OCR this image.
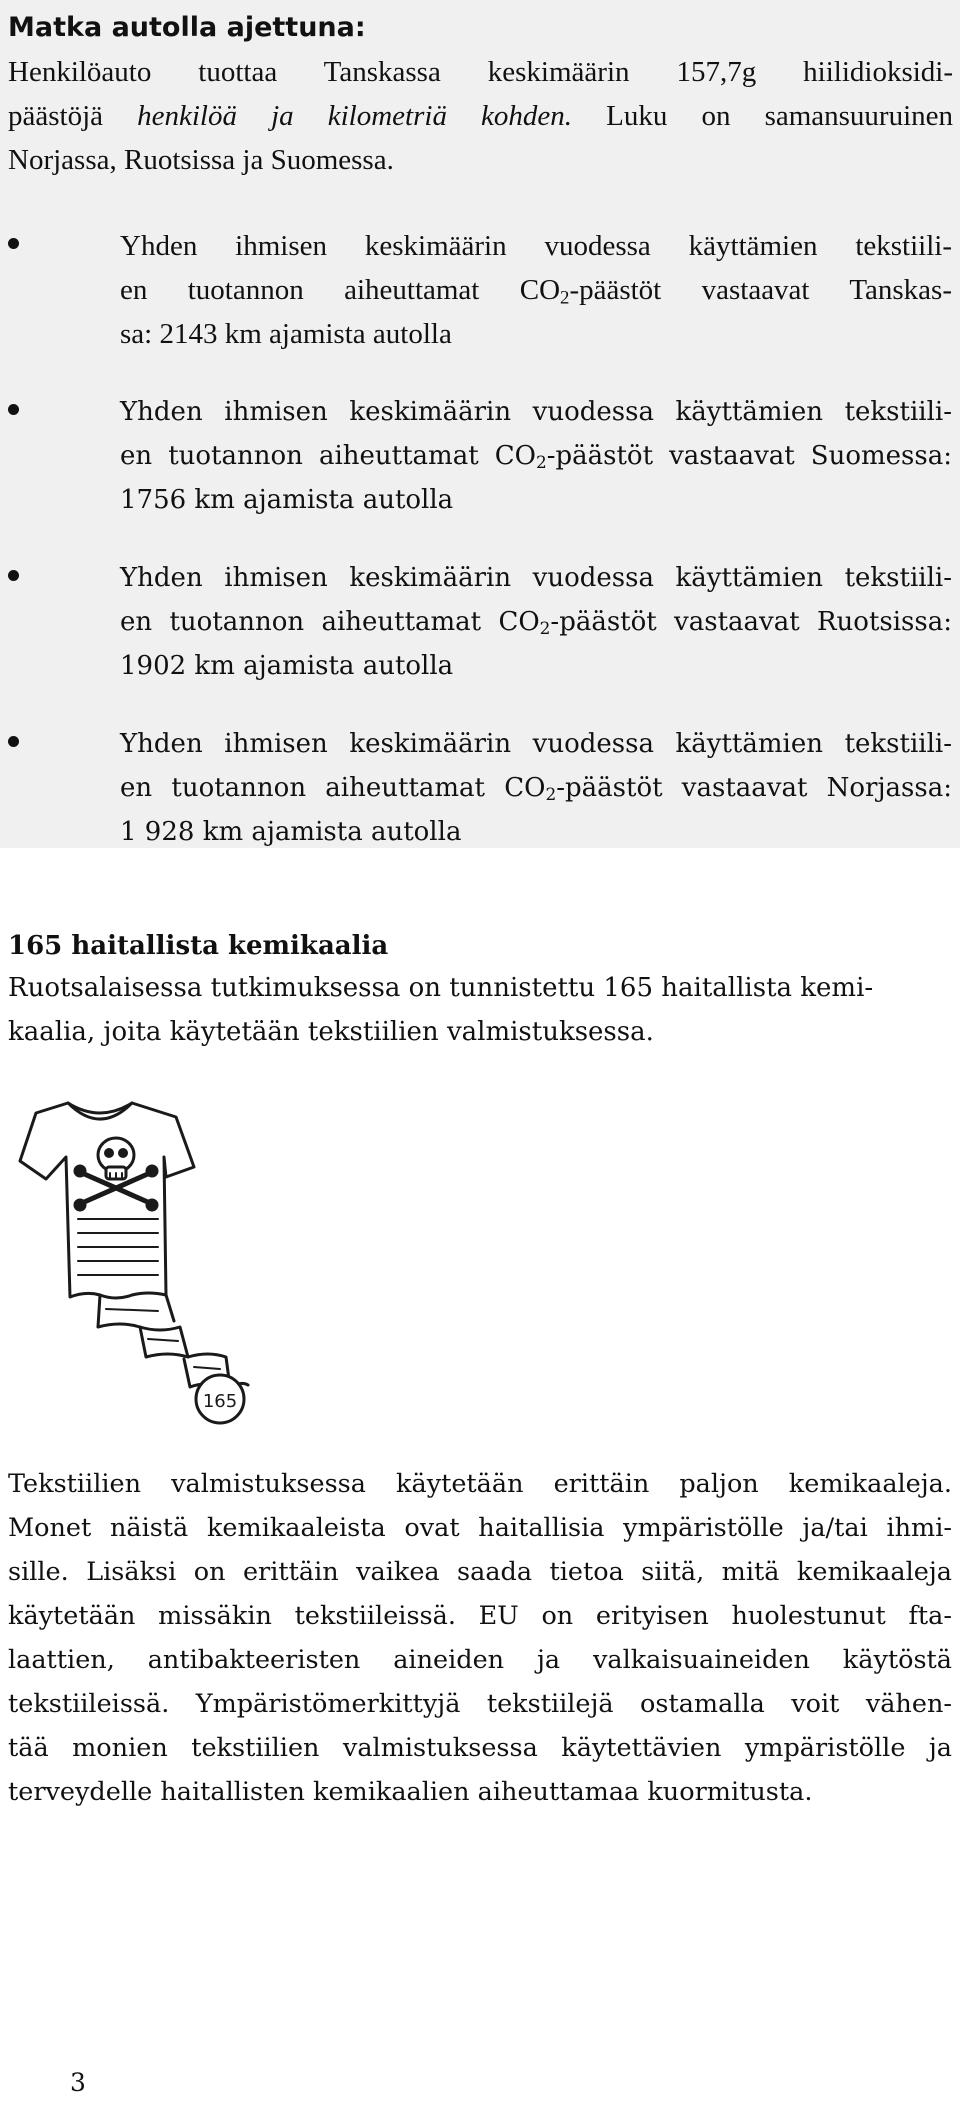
Matka autolla ajettuna:

Henkilöauto tuottaa Tanskassa keskimäärin 157,7g hiilidioksidi-
päästöjä henkilöä ja kilometriä kohden. Luku on samansuuruinen
Norjassa, Ruotsissa ja Suomessa.

Yhden ihmisen keskimäärin vuodessa käyttämien tekstiili-
en tuotannon aiheuttamat $CO_2$-päästöt vastaavat Tanskas-
sa: 2143 km ajamista autolla

Yhden ihmisen keskimäärin vuodessa käyttämien tekstiili-
en tuotannon aiheuttamat $CO_2$-päästöt vastaavat Suomessa:
1756 km ajamista autolla

Yhden ihmisen keskimäärin vuodessa käyttämien tekstiili-
en tuotannon aiheuttamat $CO_2$-päästöt vastaavat Ruotsissa:
1902 km ajamista autolla

Yhden ihmisen keskimäärin vuodessa käyttämien tekstiili-
en tuotannon aiheuttamat $CO_2$-päästöt vastaavat Norjassa:
1 928 km ajamista autolla

165 haitallista kemikaalia

Ruotsalaisessa tutkimuksessa on tunnistettu 165 haitallista kemi-
kaalia, joita käytetään tekstiilien valmistuksessa.

165

Tekstiilien valmistuksessa käytetään erittäin paljon kemikaaleja.
Monet näistä kemikaaleista ovat haitallisia ympäristölle ja/tai ihmi-
sille. Lisäksi on erittäin vaikea saada tietoa siitä, mitä kemikaaleja
käytetään missäkin tekstiileissä. EU on erityisen huolestunut fta-
laattien, antibakteeristen aineiden ja valkaisuaineiden käytöstä
tekstiileissä. Ympäristömerkittyjä tekstiilejä ostamalla voit vähen-
tää monien tekstiilien valmistuksessa käytettävien ympäristölle ja
terveydelle haitallisten kemikaalien aiheuttamaa kuormitusta.

3
